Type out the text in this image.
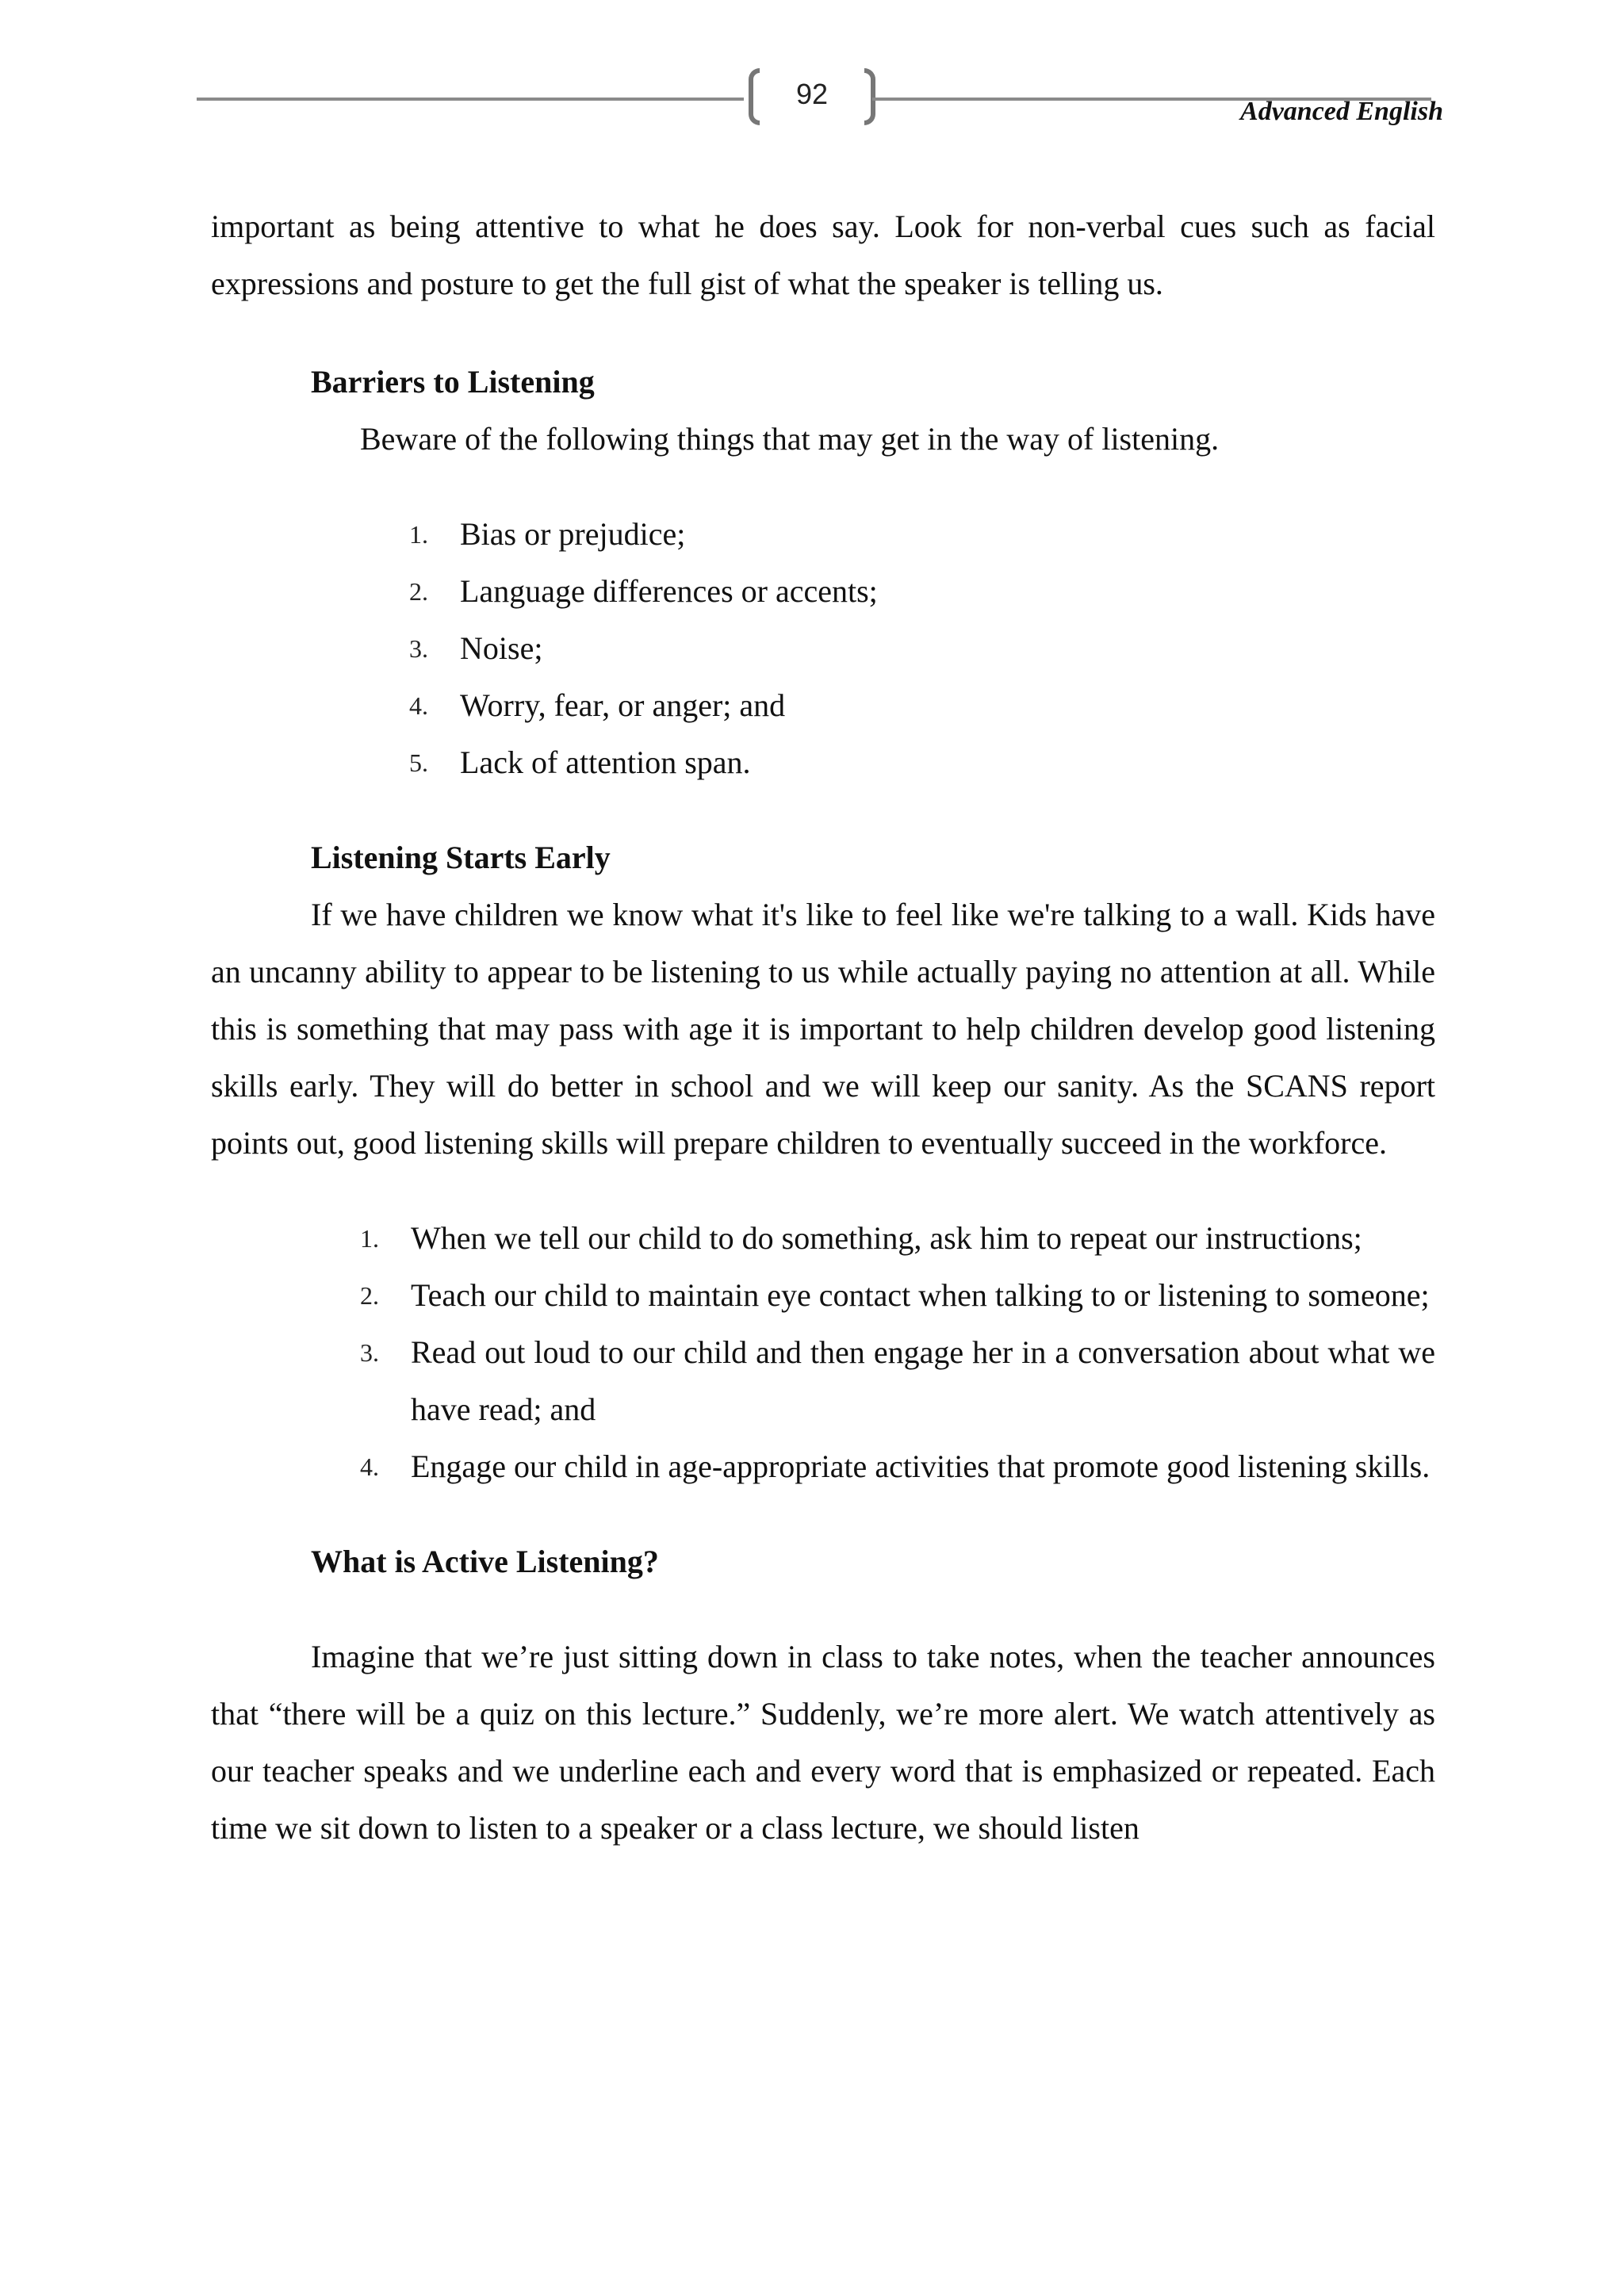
92
Advanced English

important as being attentive to what he does say. Look for non-verbal cues such as facial expressions and posture to get the full gist of what the speaker is telling us.

Barriers to Listening

Beware of the following things that may get in the way of listening.

1. Bias or prejudice;
2. Language differences or accents;
3. Noise;
4. Worry, fear, or anger; and
5. Lack of attention span.

Listening Starts Early

If we have children we know what it's like to feel like we're talking to a wall. Kids have an uncanny ability to appear to be listening to us while actually paying no attention at all. While this is something that may pass with age it is important to help children develop good listening skills early. They will do better in school and we will keep our sanity. As the SCANS report points out, good listening skills will prepare children to eventually succeed in the workforce.

1. When we tell our child to do something, ask him to repeat our instructions;
2. Teach our child to maintain eye contact when talking to or listening to someone;
3. Read out loud to our child and then engage her in a conversation about what we have read; and
4. Engage our child in age-appropriate activities that promote good listening skills.

What is Active Listening?

Imagine that we’re just sitting down in class to take notes, when the teacher announces that “there will be a quiz on this lecture.” Suddenly, we’re more alert. We watch attentively as our teacher speaks and we underline each and every word that is emphasized or repeated. Each time we sit down to listen to a speaker or a class lecture, we should listen
